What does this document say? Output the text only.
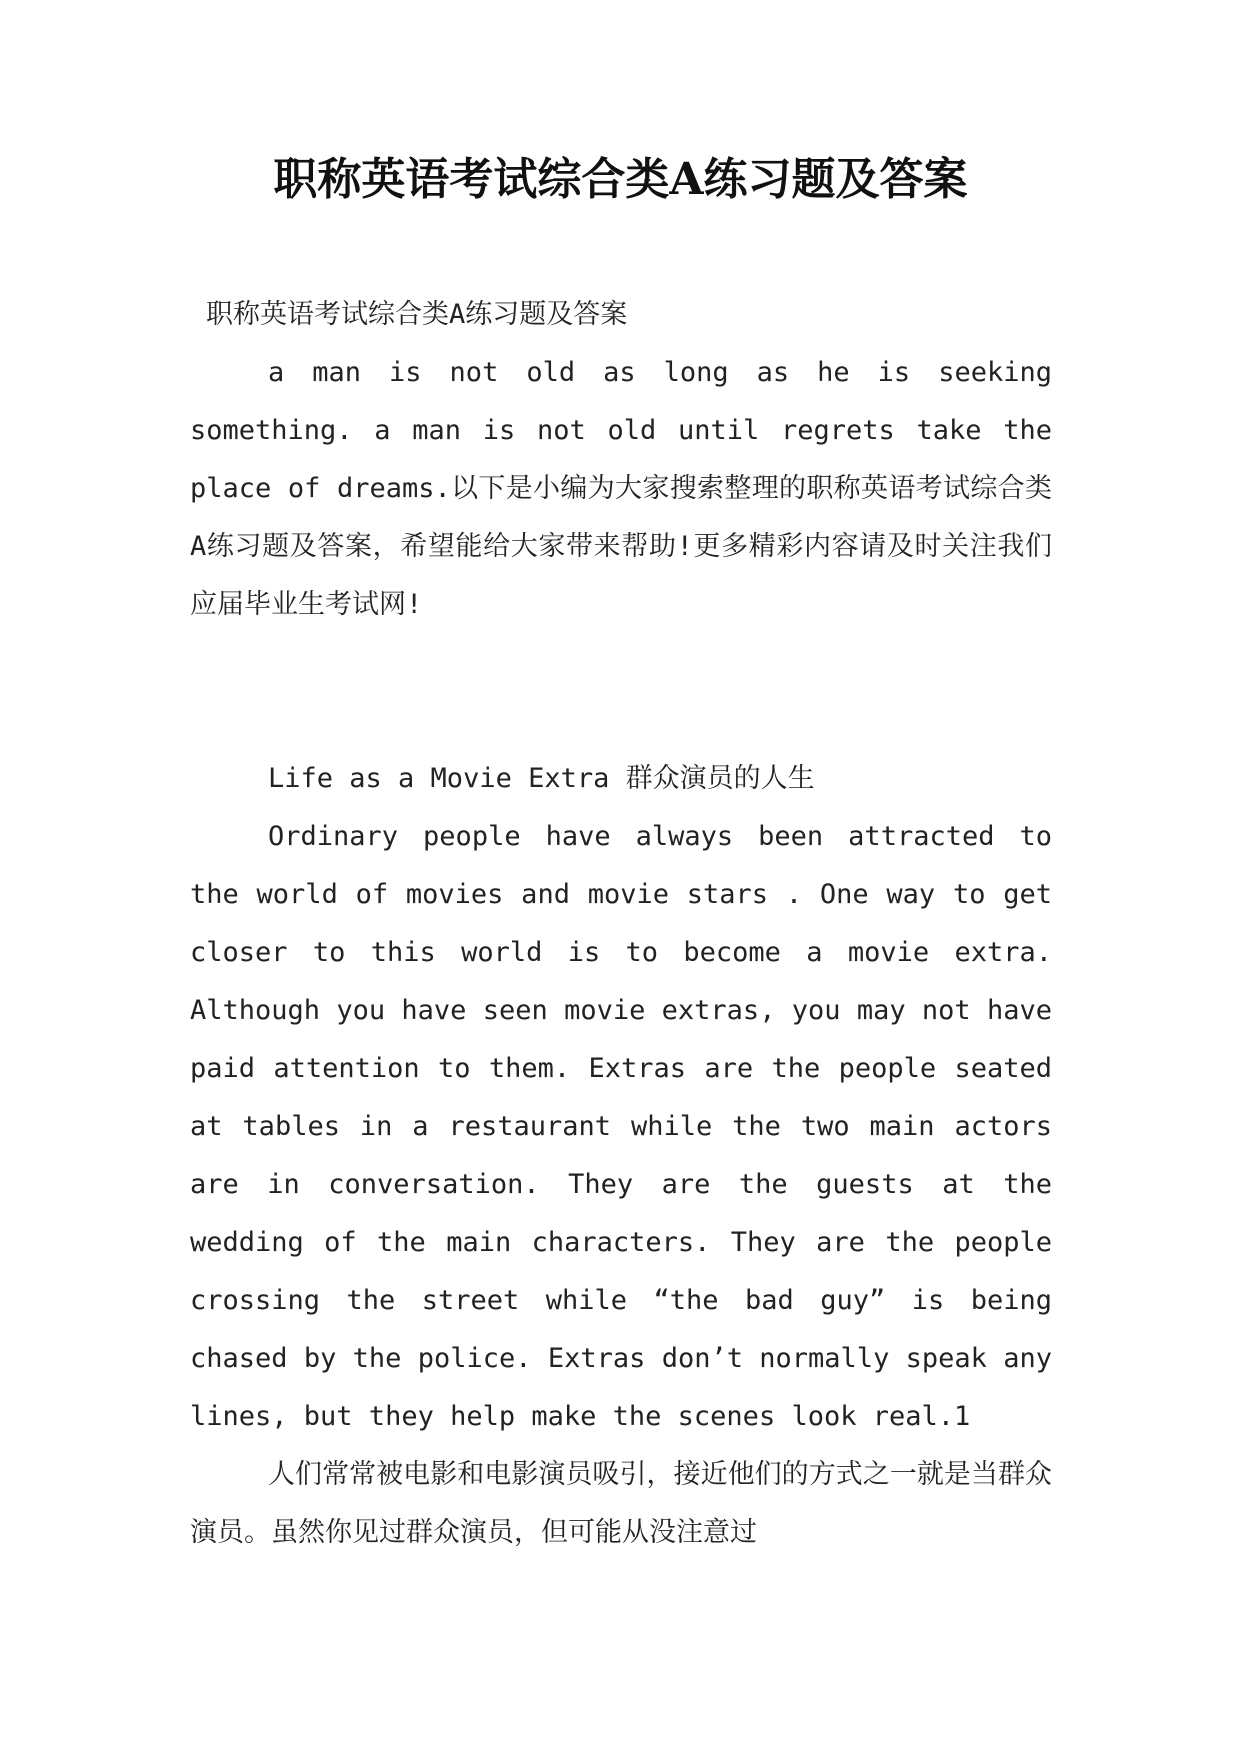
职称英语考试综合类A练习题及答案

职称英语考试综合类A练习题及答案

a man is not old as long as he is seeking something. a man is not old until regrets take the place of dreams.以下是小编为大家搜索整理的职称英语考试综合类A练习题及答案，希望能给大家带来帮助!更多精彩内容请及时关注我们应届毕业生考试网!

Life as a Movie Extra 群众演员的人生

Ordinary people have always been attracted to the world of movies and movie stars . One way to get closer to this world is to become a movie extra. Although you have seen movie extras, you may not have paid attention to them. Extras are the people seated at tables in a restaurant while the two main actors are in conversation. They are the guests at the wedding of the main characters. They are the people crossing the street while “the bad guy” is being chased by the police. Extras don’t normally speak any lines, but they help make the scenes look real.1

人们常常被电影和电影演员吸引，接近他们的方式之一就是当群众演员。虽然你见过群众演员，但可能从没注意过
